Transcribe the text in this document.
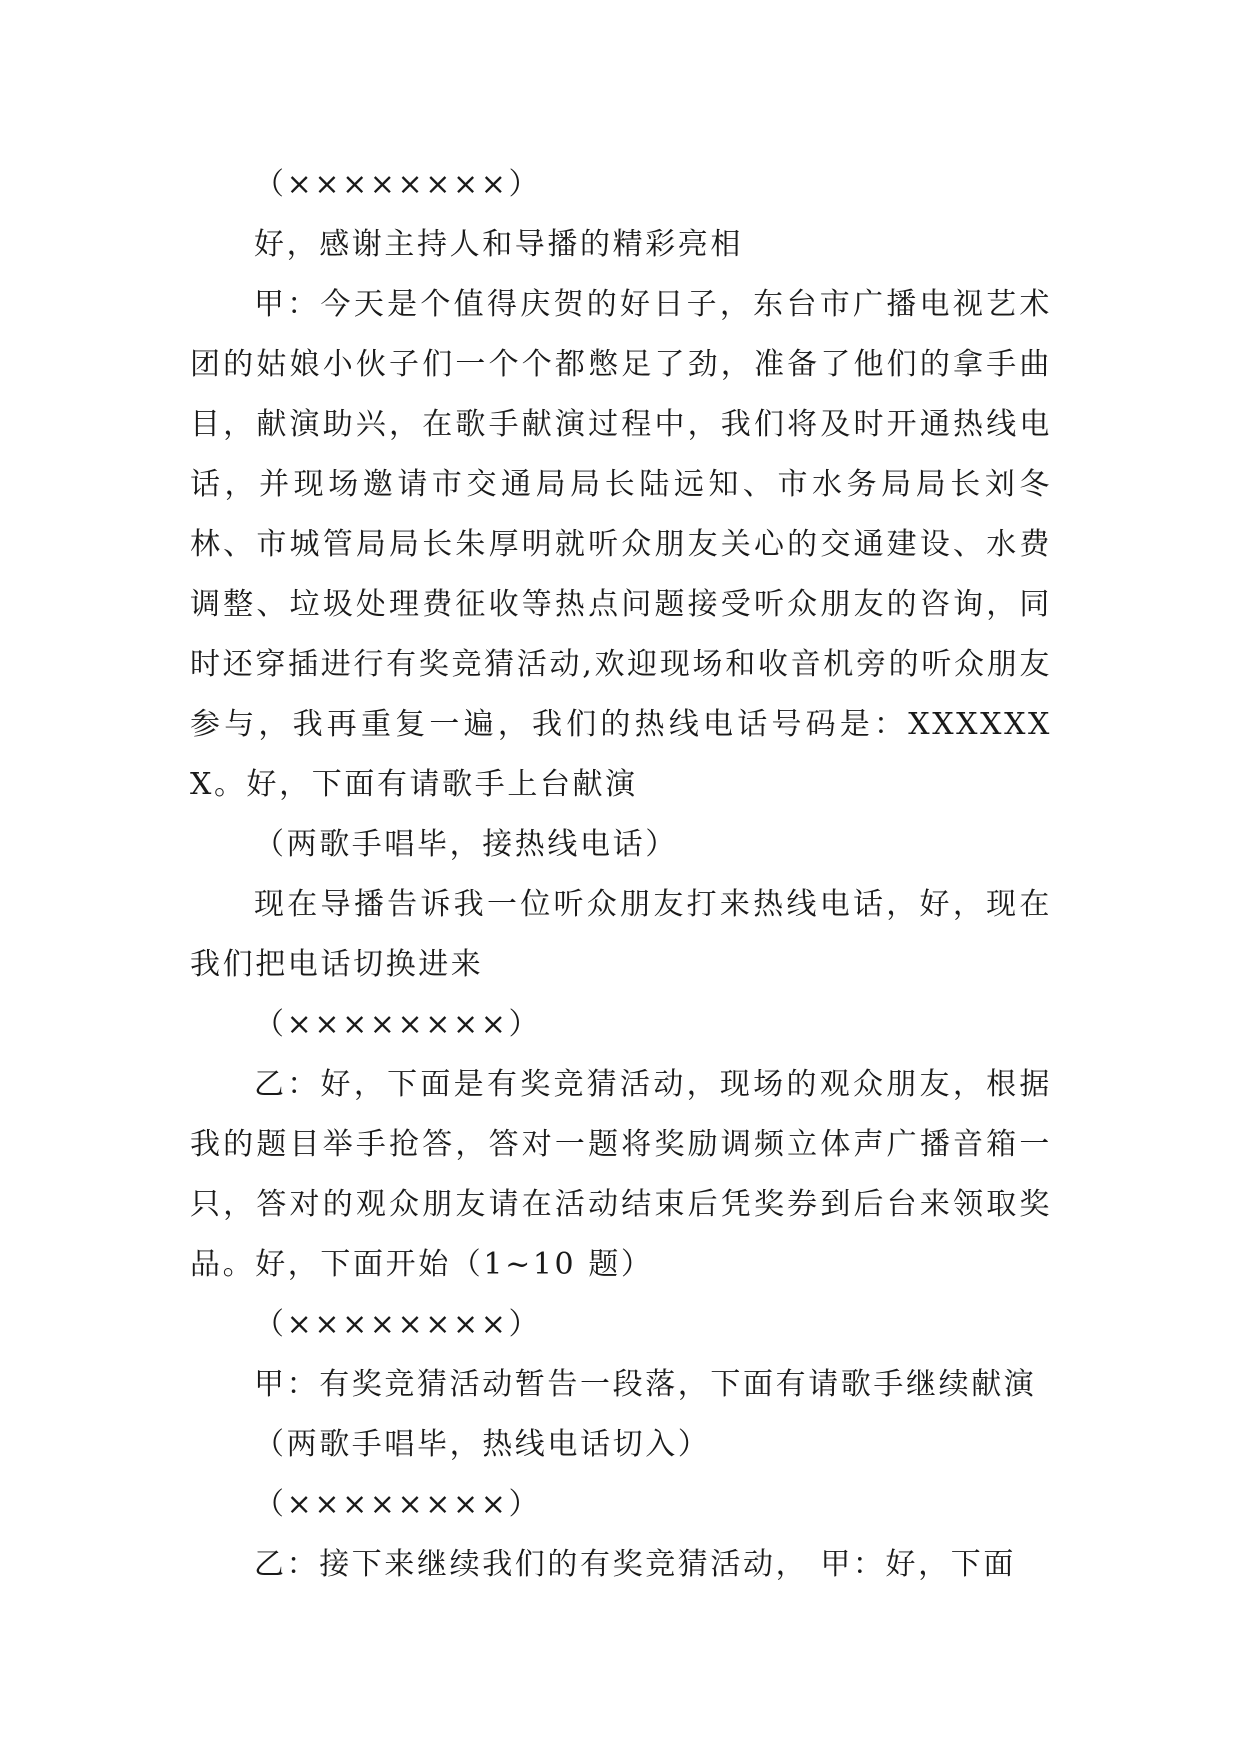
（××××××××）

好，感谢主持人和导播的精彩亮相

甲：今天是个值得庆贺的好日子，东台市广播电视艺术团的姑娘小伙子们一个个都憋足了劲，准备了他们的拿手曲目，献演助兴，在歌手献演过程中，我们将及时开通热线电话，并现场邀请市交通局局长陆远知、市水务局局长刘冬林、市城管局局长朱厚明就听众朋友关心的交通建设、水费调整、垃圾处理费征收等热点问题接受听众朋友的咨询，同时还穿插进行有奖竞猜活动,欢迎现场和收音机旁的听众朋友参与，我再重复一遍，我们的热线电话号码是：XXXXXXX。好，下面有请歌手上台献演

（两歌手唱毕，接热线电话）

现在导播告诉我一位听众朋友打来热线电话，好，现在我们把电话切换进来

（××××××××）

乙：好，下面是有奖竞猜活动，现场的观众朋友，根据我的题目举手抢答，答对一题将奖励调频立体声广播音箱一只，答对的观众朋友请在活动结束后凭奖券到后台来领取奖品。好，下面开始（1~10 题）

（××××××××）

甲：有奖竞猜活动暂告一段落，下面有请歌手继续献演

（两歌手唱毕，热线电话切入）

（××××××××）

乙：接下来继续我们的有奖竞猜活动， 甲：好，下面
